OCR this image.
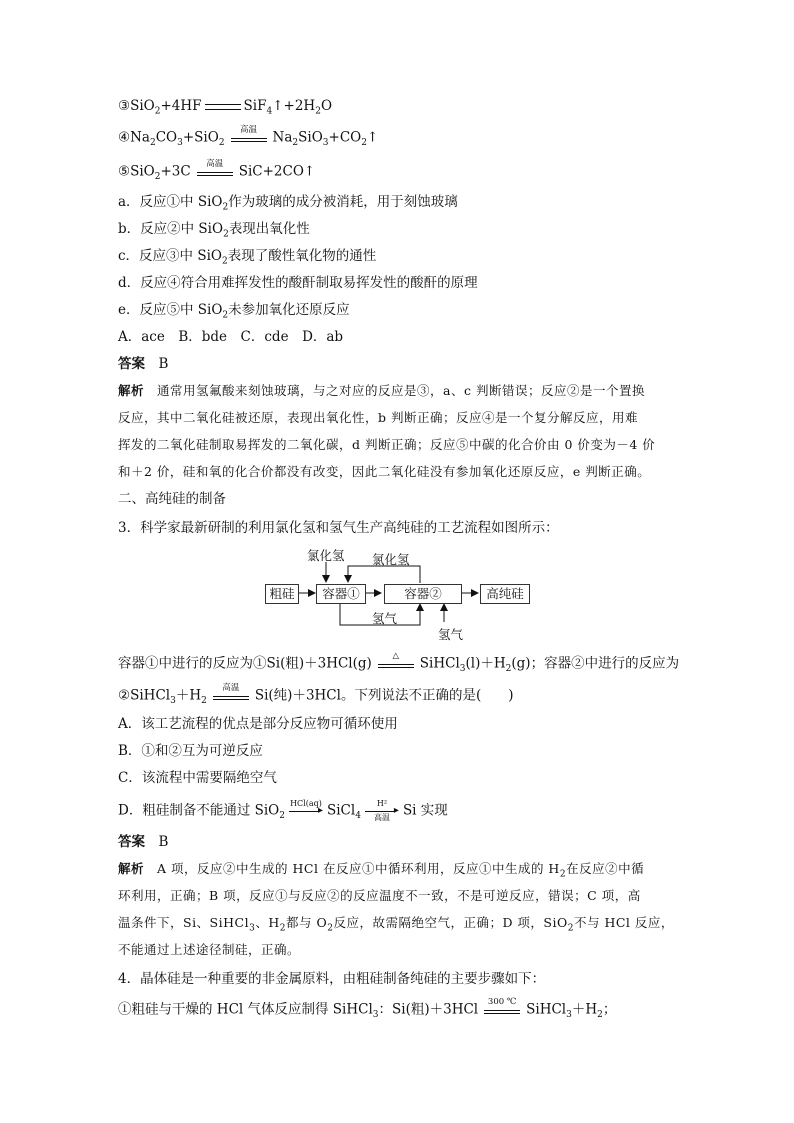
③SiO$_2$+4HF	$SiF_4↑+2H_2O$
$④Na_2CO_3+SiO_2$
高温	$Na_2SiO_3+CO_2↑$
⑤SiO$_2$+3C	高温	SiC+2CO↑
a．反应①中 SiO$_2$作为玻璃的成分被消耗，用于刻蚀玻璃
b．反应②中 SiO$_2$表现出氧化性
c．反应③中 SiO$_2$表现了酸性氧化物的通性
d．反应④符合用难挥发性的酸酐制取易挥发性的酸酐的原理
e．反应⑤中 SiO$_2$未参加氧化还原反应
A．ace　B．bde　C．cde　D．ab
答案　 B
解析　 通常用氢氟酸来刻蚀玻璃，与之对应的反应是③，a、c 判断错误；反应②是一个置换
反应，其中二氧化硅被还原，表现出氧化性，b 判断正确；反应④是一个复分解反应，用难
挥发的二氧化硅制取易挥发的二氧化碳，d 判断正确；反应⑤中碳的化合价由 0 价变为－4 价
和＋2 价，硅和氧的化合价都没有改变，因此二氧化硅没有参加氧化还原反应，e 判断正确。
二、高纯硅的制备
3．科学家最新研制的利用氯化氢和氢气生产高纯硅的工艺流程如图所示：
粗硅	容器①	容器②	高纯硅
氯化氢 氯化氢
氢气
氢气
容器①中进行的反应为①Si(粗)＋3HCl(g)	△	$SiHCl_3(l)+H_2(g)$；容器②中进行的反应为
$②SiHCl_3+H_2$
高温	Si(纯)＋3HCl。下列说法不正确的是(　　)
A．该工艺流程的优点是部分反应物可循环使用
B．①和②互为可逆反应
C．该流程中需要隔绝空气
D．粗硅制备不能通过 SiO$_2$
HCl(aq)
▸ SiCl$_4$
H²
▸
高温 Si 实现
答案　 B
解析　 A 项，反应②中生成的 HCl 在反应①中循环利用，反应①中生成的 $H_2$在反应②中循
环利用，正确；B 项，反应①与反应②的反应温度不一致，不是可逆反应，错误；C 项，高
温条件下，Si、SiHCl$_3$、$H_2$都与 $O_2$反应，故需隔绝空气，正确；D 项，SiO$_2$不与 HCl 反应，
不能通过上述途径制硅，正确。
4．晶体硅是一种重要的非金属原料，由粗硅制备纯硅的主要步骤如下：
①粗硅与干燥的 HCl 气体反应制得 SiHCl$_3$：Si(粗)＋3HCl	300 ℃ $SiHCl_3+H_2$；
